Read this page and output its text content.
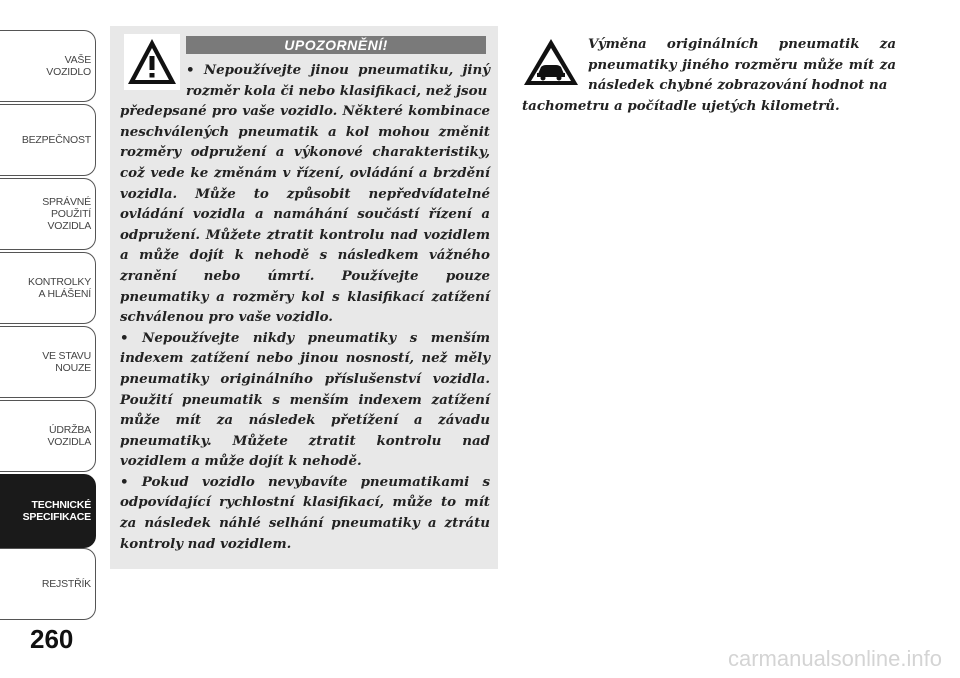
VAŠE
VOZIDLO
BEZPEČNOST
SPRÁVNÉ
POUŽITÍ
VOZIDLA
KONTROLKY
A HLÁŠENÍ
VE STAVU
NOUZE
ÚDRŽBA
VOZIDLA
TECHNICKÉ
SPECIFIKACE
REJSTŘÍK
260
UPOZORNĚNÍ!

• Nepoužívejte jinou pneumatiku, jiný rozměr kola či nebo klasifikaci, než jsou

předepsané pro vaše vozidlo. Některé kombinace neschválených pneumatik a kol mohou změnit rozměry odpružení a výkonové charakteristiky, což vede ke změnám v řízení, ovládání a brzdění vozidla. Může to způsobit nepředvídatelné ovládání vozidla a namáhání součástí řízení a odpružení. Můžete ztratit kontrolu nad vozidlem a může dojít k nehodě s následkem vážného zranění nebo úmrtí. Používejte pouze pneumatiky a rozměry kol s klasifikací zatížení schválenou pro vaše vozidlo.

• Nepoužívejte nikdy pneumatiky s menším indexem zatížení nebo jinou nosností, než měly pneumatiky originálního příslušenství vozidla. Použití pneumatik s menším indexem zatížení může mít za následek přetížení a závadu pneumatiky. Můžete ztratit kontrolu nad vozidlem a může dojít k nehodě.

• Pokud vozidlo nevybavíte pneumatikami s odpovídající rychlostní klasifikací, může to mít za následek náhlé selhání pneumatiky a ztrátu kontroly nad vozidlem.

Výměna originálních pneumatik za pneumatiky jiného rozměru může mít za následek chybné zobrazování hodnot na

tachometru a počítadle ujetých kilometrů.

carmanualsonline.info
